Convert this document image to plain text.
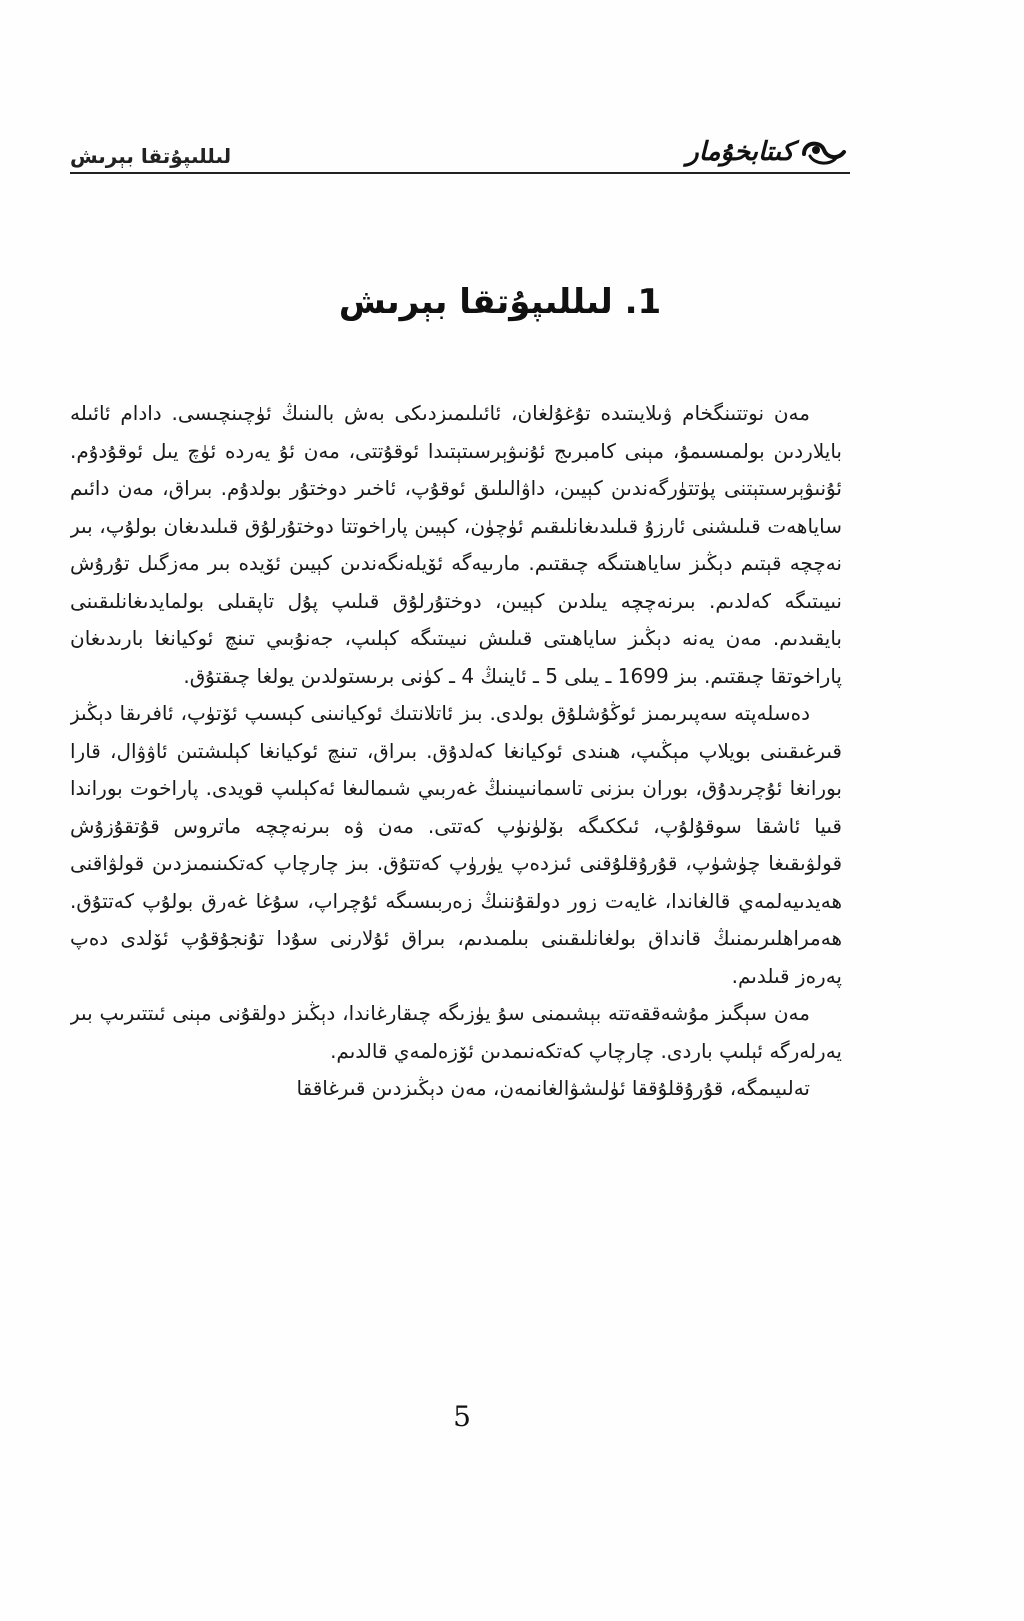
كىتابخۇمار
لىللىپۇتقا بېرىش
1. لىللىپۇتقا بېرىش

مەن نوتتىنگخام ۋىلايىتىدە تۇغۇلغان، ئائىلىمىزدىكى بەش بالىنىڭ ئۈچىنچىسى. دادام ئائىلە بايلاردىن بولمىسىمۇ، مېنى كامبرىج ئۇنىۋېرسىتېتىدا ئوقۇتتى، مەن ئۇ يەردە ئۈچ يىل ئوقۇدۇم. ئۇنىۋېرسىتېتنى پۈتتۈرگەندىن كېيىن، داۋالىلىق ئوقۇپ، ئاخىر دوختۇر بولدۇم. بىراق، مەن دائىم ساياھەت قىلىشنى ئارزۇ قىلىدىغانلىقىم ئۈچۈن، كېيىن پاراخوتتا دوختۇرلۇق قىلىدىغان بولۇپ، بىر نەچچە قېتىم دېڭىز ساياھىتىگە چىقتىم. مارىيەگە ئۆيلەنگەندىن كېيىن ئۆيدە بىر مەزگىل تۇرۇش نىيىتىگە كەلدىم. بىرنەچچە يىلدىن كېيىن، دوختۇرلۇق قىلىپ پۇل تاپقىلى بولمايدىغانلىقىنى بايقىدىم. مەن يەنە دېڭىز ساياھىتى قىلىش نىيىتىگە كېلىپ، جەنۇبىي تىنچ ئوكيانغا بارىدىغان پاراخوتقا چىقتىم. بىز 1699 ـ يىلى 5 ـ ئاينىڭ 4 ـ كۈنى برىستولدىن يولغا چىقتۇق.

دەسلەپتە سەپىرىمىز ئوڭۇشلۇق بولدى. بىز ئاتلانتىك ئوكيانىنى كېسىپ ئۆتۈپ، ئافرىقا دېڭىز قىرغىقىنى بويلاپ مېڭىپ، ھىندى ئوكيانغا كەلدۇق. بىراق، تىنچ ئوكيانغا كېلىشتىن ئاۋۋال، قارا بورانغا ئۇچرىدۇق، بوران بىزنى تاسمانىيىنىڭ غەربىي شىمالىغا ئەكېلىپ قويدى. پاراخوت بوراندا قىيا ئاشقا سوقۇلۇپ، ئىككىگە بۆلۈنۈپ كەتتى. مەن ۋە بىرنەچچە ماتروس قۇتقۇزۇش قولۋىقىغا چۈشۈپ، قۇرۇقلۇقنى ئىزدەپ يۈرۈپ كەتتۇق. بىز چارچاپ كەتكىنىمىزدىن قولۋاقنى ھەيدىيەلمەي قالغاندا، غايەت زور دولقۇننىڭ زەربىسىگە ئۇچراپ، سۇغا غەرق بولۇپ كەتتۇق. ھەمراھلىرىمنىڭ قانداق بولغانلىقىنى بىلمىدىم، بىراق ئۇلارنى سۇدا تۇنجۇقۇپ ئۆلدى دەپ پەرەز قىلدىم.

مەن سېگىز مۇشەققەتتە بېشىمنى سۇ يۈزىگە چىقارغاندا، دېڭىز دولقۇنى مېنى ئىتتىرىپ بىر يەرلەرگە ئېلىپ باردى. چارچاپ كەتكەنىمدىن ئۆزەلمەي قالدىم.

تەلىيىمگە، قۇرۇقلۇققا ئۈلىشۋالغانمەن، مەن دېڭىزدىن قىرغاققا

5
